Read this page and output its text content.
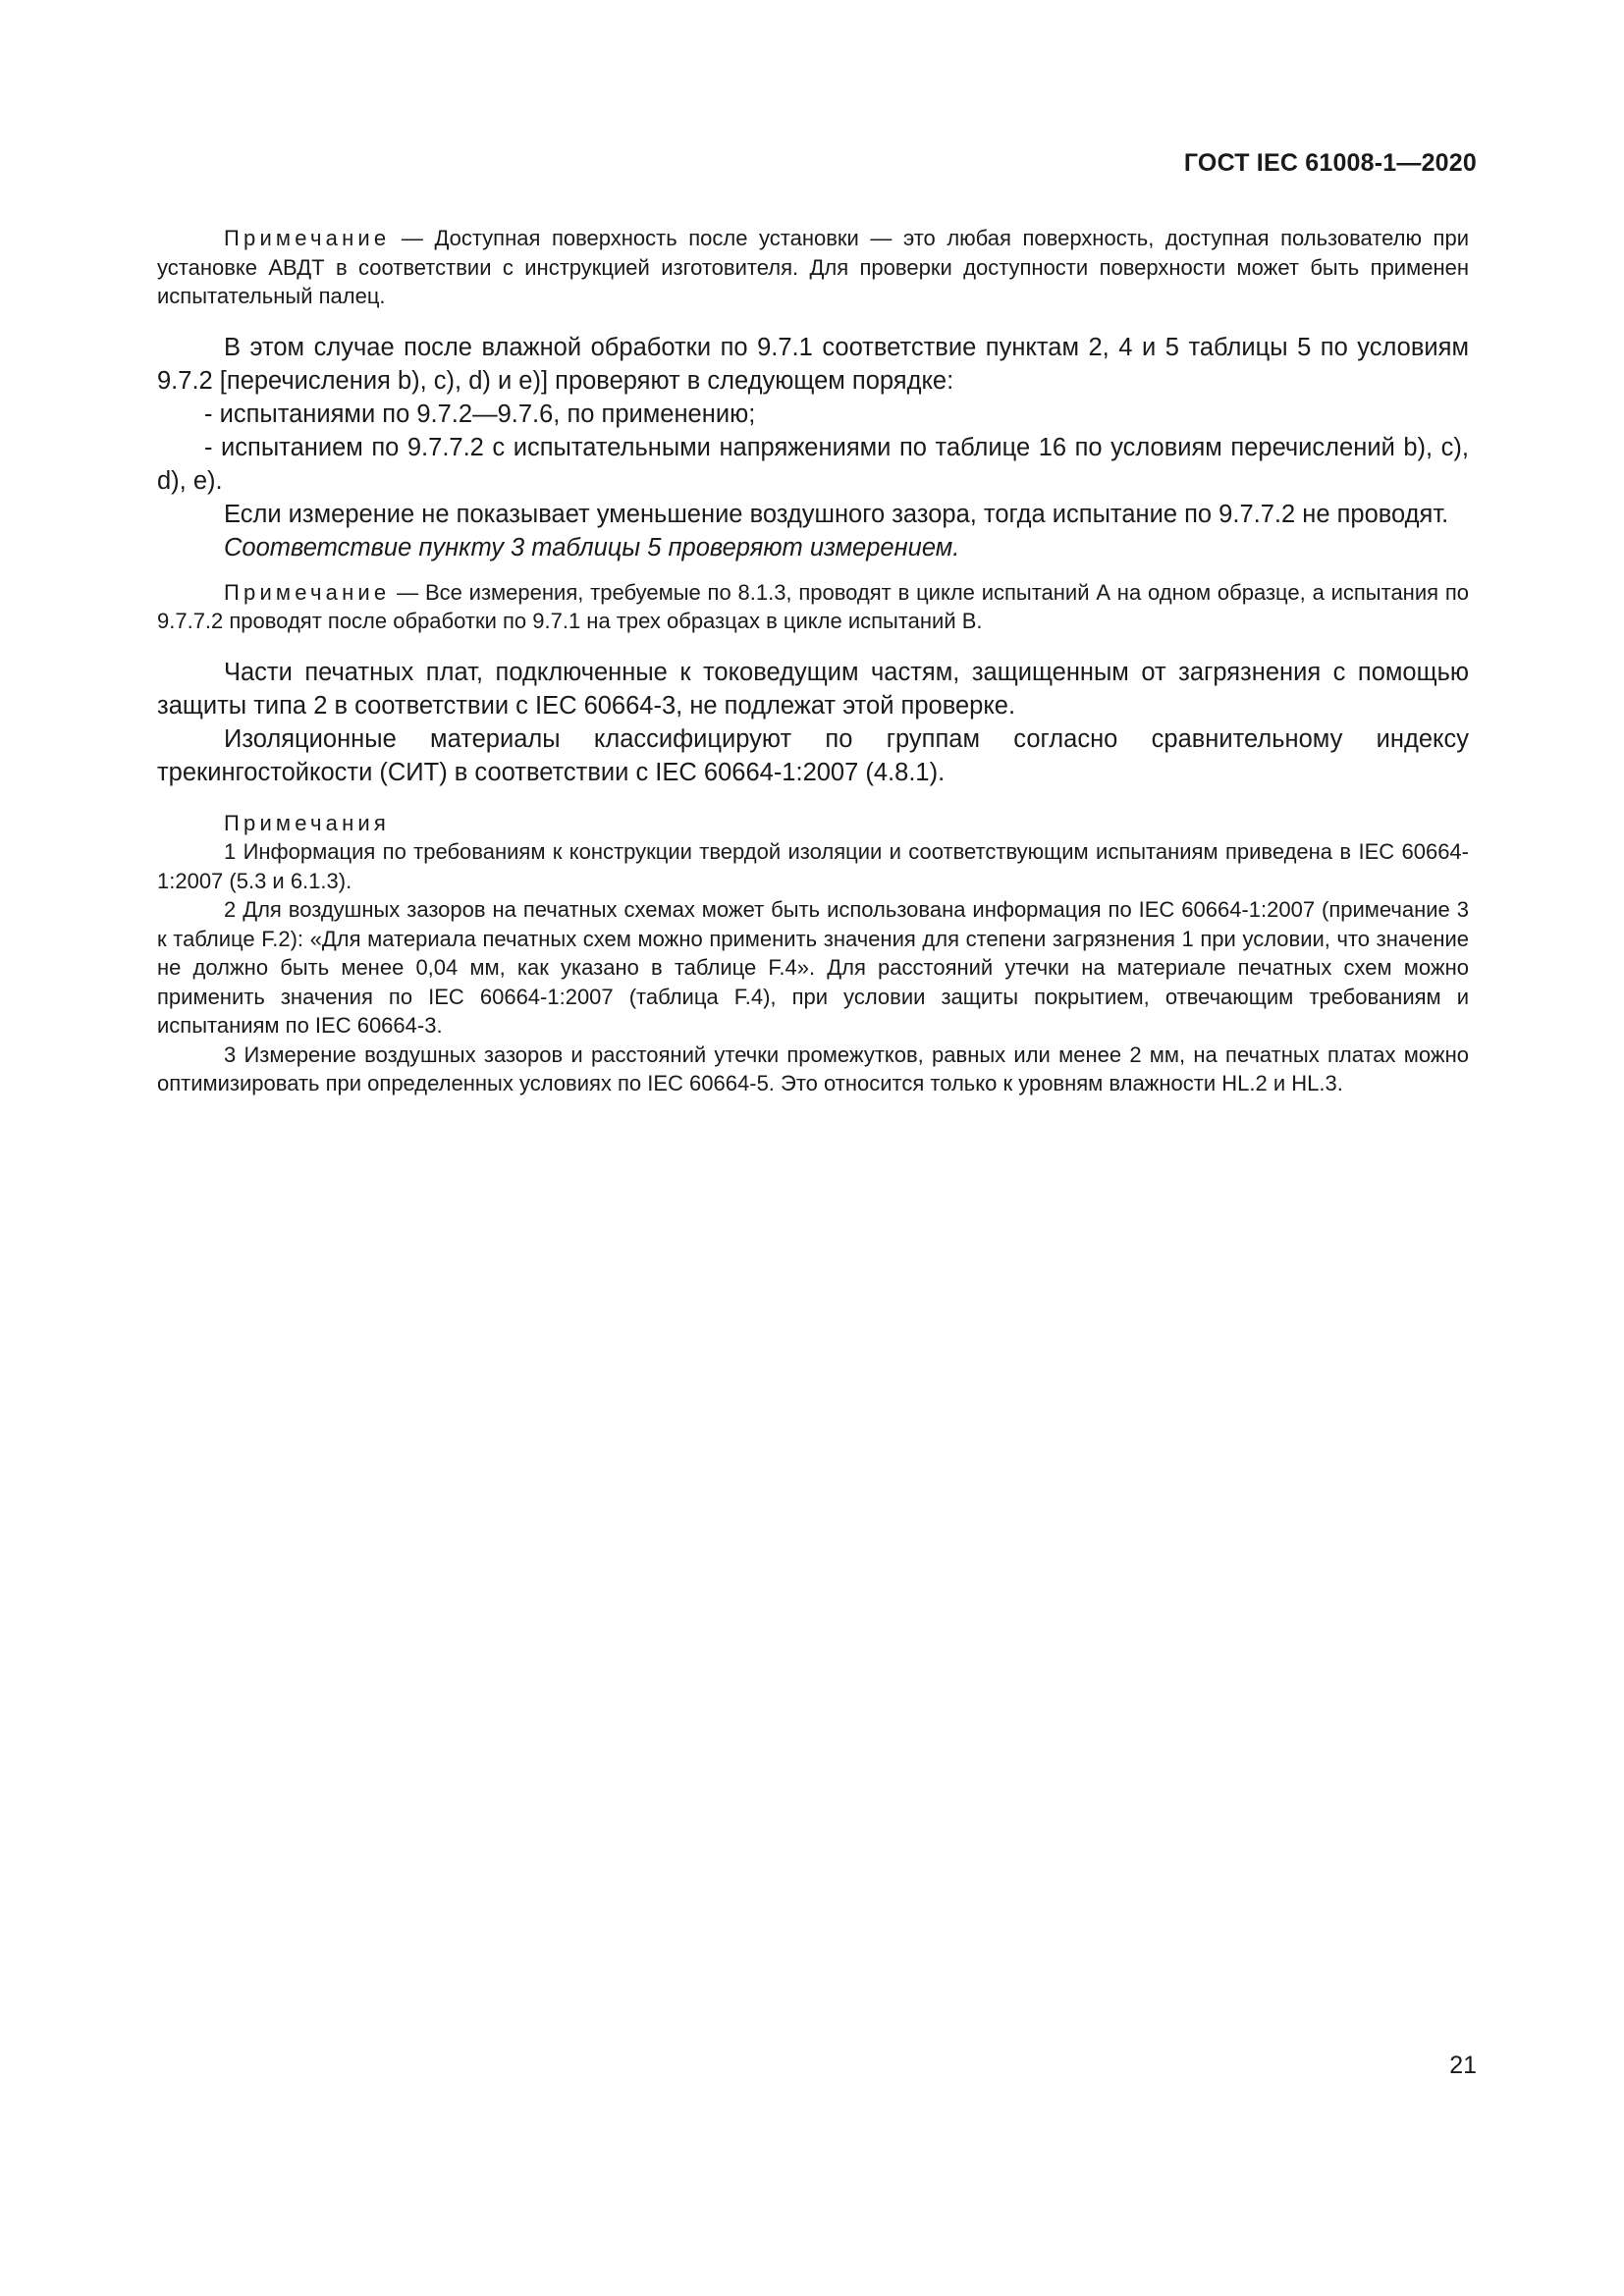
ГОСТ IEC 61008-1—2020

Примечание — Доступная поверхность после установки — это любая поверхность, доступная пользователю при установке АВДТ в соответствии с инструкцией изготовителя. Для проверки доступности поверхности может быть применен испытательный палец.

В этом случае после влажной обработки по 9.7.1 соответствие пунктам 2, 4 и 5 таблицы 5 по условиям 9.7.2 [перечисления b), c), d) и e)] проверяют в следующем порядке:

- испытаниями по 9.7.2—9.7.6, по применению;

- испытанием по 9.7.7.2 с испытательными напряжениями по таблице 16 по условиям перечислений b), c), d), e).

Если измерение не показывает уменьшение воздушного зазора, тогда испытание по 9.7.7.2 не проводят.

Соответствие пункту 3 таблицы 5 проверяют измерением.

Примечание — Все измерения, требуемые по 8.1.3, проводят в цикле испытаний А на одном образце, а испытания по 9.7.7.2 проводят после обработки по 9.7.1 на трех образцах в цикле испытаний В.

Части печатных плат, подключенные к токоведущим частям, защищенным от загрязнения с помощью защиты типа 2 в соответствии с IEC 60664-3, не подлежат этой проверке.

Изоляционные материалы классифицируют по группам согласно сравнительному индексу трекингостойкости (СИТ) в соответствии с IEC 60664-1:2007 (4.8.1).

Примечания

1 Информация по требованиям к конструкции твердой изоляции и соответствующим испытаниям приведена в IEC 60664-1:2007 (5.3 и 6.1.3).

2 Для воздушных зазоров на печатных схемах может быть использована информация по IEC 60664-1:2007 (примечание 3 к таблице F.2): «Для материала печатных схем можно применить значения для степени загрязнения 1 при условии, что значение не должно быть менее 0,04 мм, как указано в таблице F.4». Для расстояний утечки на материале печатных схем можно применить значения по IEC 60664-1:2007 (таблица F.4), при условии защиты покрытием, отвечающим требованиям и испытаниям по IEC 60664-3.

3 Измерение воздушных зазоров и расстояний утечки промежутков, равных или менее 2 мм, на печатных платах можно оптимизировать при определенных условиях по IEC 60664-5. Это относится только к уровням влажности HL.2 и HL.3.

21
